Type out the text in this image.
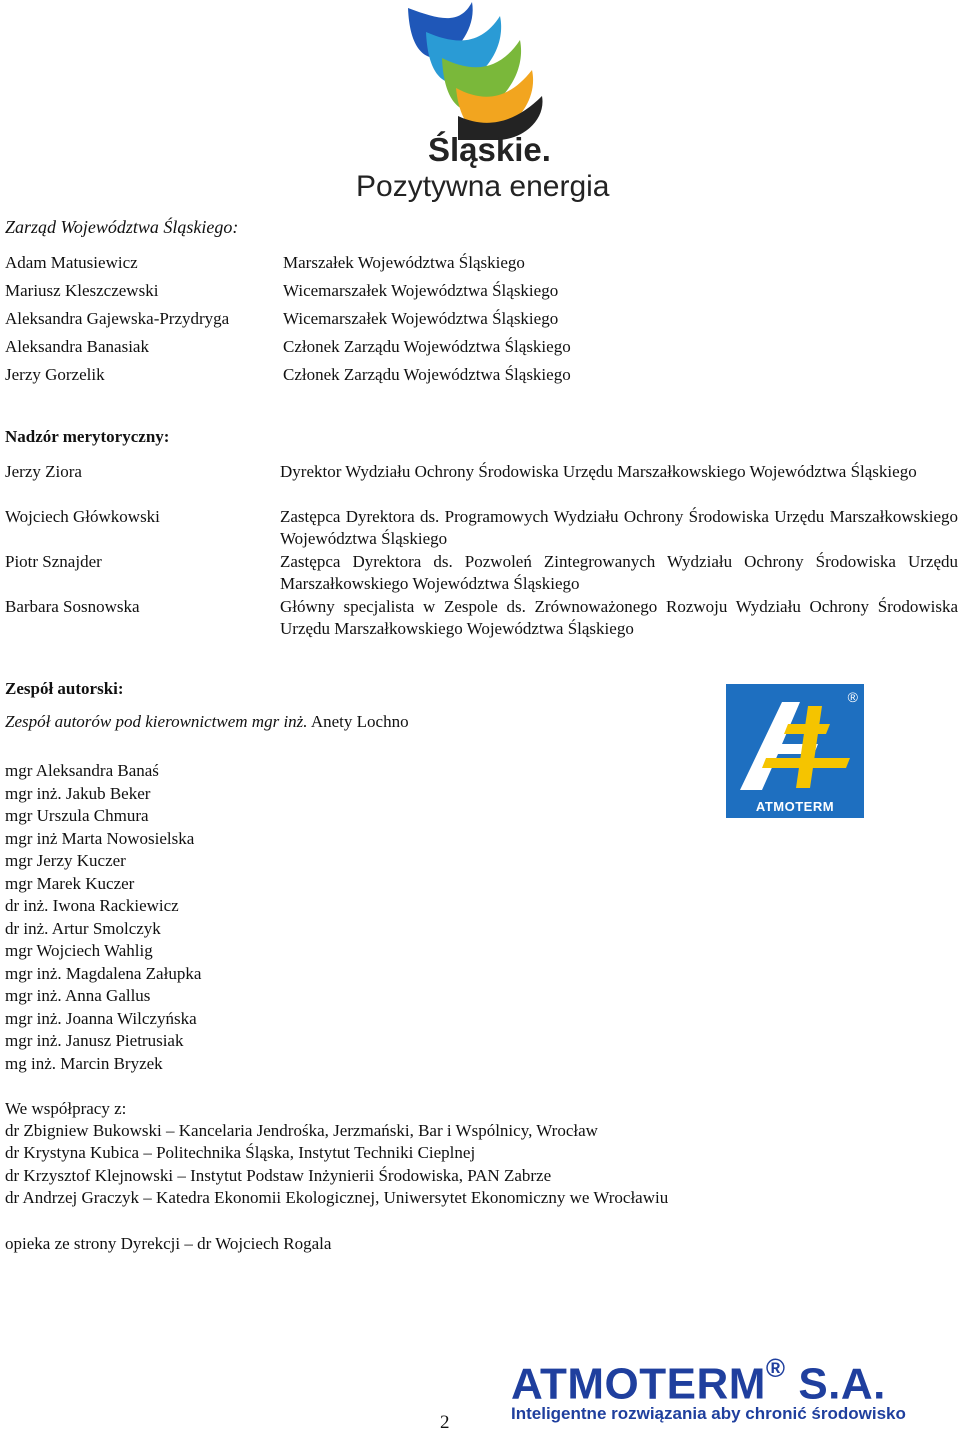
Śląskie.
Pozytywna energia
Zarząd Województwa Śląskiego:
Adam Matusiewicz	Marszałek Województwa Śląskiego
Mariusz Kleszczewski	Wicemarszałek Województwa Śląskiego
Aleksandra Gajewska-Przydryga	Wicemarszałek Województwa Śląskiego
Aleksandra Banasiak	Członek Zarządu Województwa Śląskiego
Jerzy Gorzelik	Członek Zarządu Województwa Śląskiego
Nadzór merytoryczny:
Jerzy Ziora	Dyrektor Wydziału Ochrony Środowiska Urzędu Marszałkowskiego Województwa Śląskiego
Wojciech Główkowski	Zastępca Dyrektora ds. Programowych Wydziału Ochrony Środowiska Urzędu Marszałkowskiego Województwa Śląskiego
Piotr Sznajder	Zastępca Dyrektora ds. Pozwoleń Zintegrowanych Wydziału Ochrony Środowiska Urzędu Marszałkowskiego Województwa Śląskiego
Barbara Sosnowska	Główny specjalista w Zespole ds. Zrównoważonego Rozwoju Wydziału Ochrony Środowiska Urzędu Marszałkowskiego Województwa Śląskiego
Zespół autorski:
Zespół autorów pod kierownictwem mgr inż. Anety Lochno
mgr Aleksandra Banaś
mgr inż. Jakub Beker
mgr Urszula Chmura
mgr inż Marta Nowosielska
mgr Jerzy Kuczer
mgr Marek Kuczer
dr inż. Iwona Rackiewicz
dr inż. Artur Smolczyk
mgr Wojciech Wahlig
mgr inż. Magdalena Załupka
mgr inż. Anna Gallus
mgr inż. Joanna Wilczyńska
mgr inż. Janusz Pietrusiak
mg inż. Marcin Bryzek
®
ATMOTERM
We współpracy z:
dr Zbigniew Bukowski – Kancelaria Jendrośka, Jerzmański, Bar i Wspólnicy, Wrocław
dr Krystyna Kubica – Politechnika Śląska, Instytut Techniki Cieplnej
dr Krzysztof Klejnowski – Instytut Podstaw Inżynierii Środowiska, PAN Zabrze
dr Andrzej Graczyk – Katedra Ekonomii Ekologicznej, Uniwersytet Ekonomiczny we Wrocławiu
opieka ze strony Dyrekcji – dr Wojciech Rogala
2
ATMOTERM® S.A.
Inteligentne rozwiązania aby chronić środowisko
